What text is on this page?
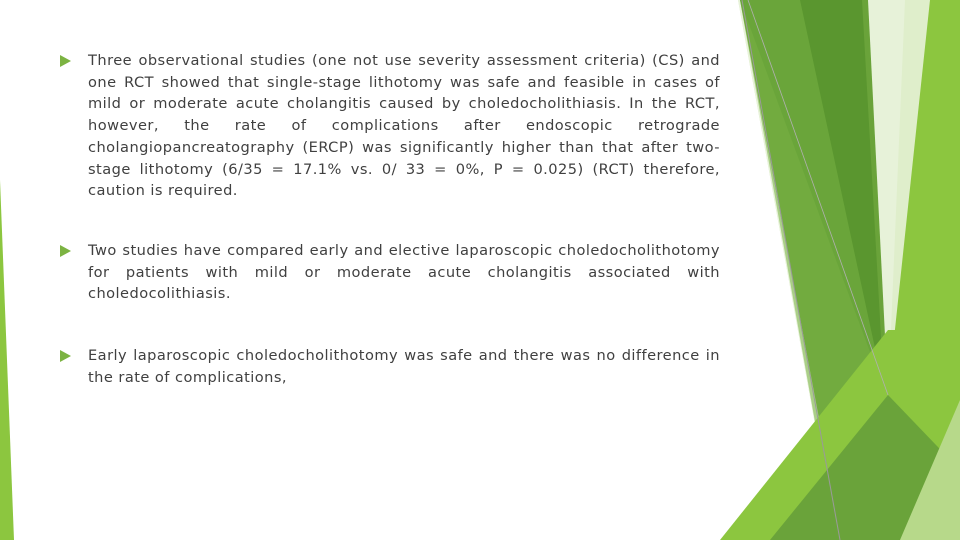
Three observational studies (one not use severity assessment criteria) (CS) and one RCT showed that single-stage lithotomy was safe and feasible in cases of mild or moderate acute cholangitis caused by choledocholithiasis. In the RCT, however, the rate of complications after endoscopic retrograde cholangiopancreatography (ERCP) was significantly higher than that after two-stage lithotomy (6/35 = 17.1% vs. 0/ 33 = 0%, P = 0.025) (RCT) therefore, caution is required.
Two studies have compared early and elective laparoscopic choledocholithotomy for patients with mild or moderate acute cholangitis associated with choledocolithiasis.
Early laparoscopic choledocholithotomy was safe and there was no difference in the rate of complications,
